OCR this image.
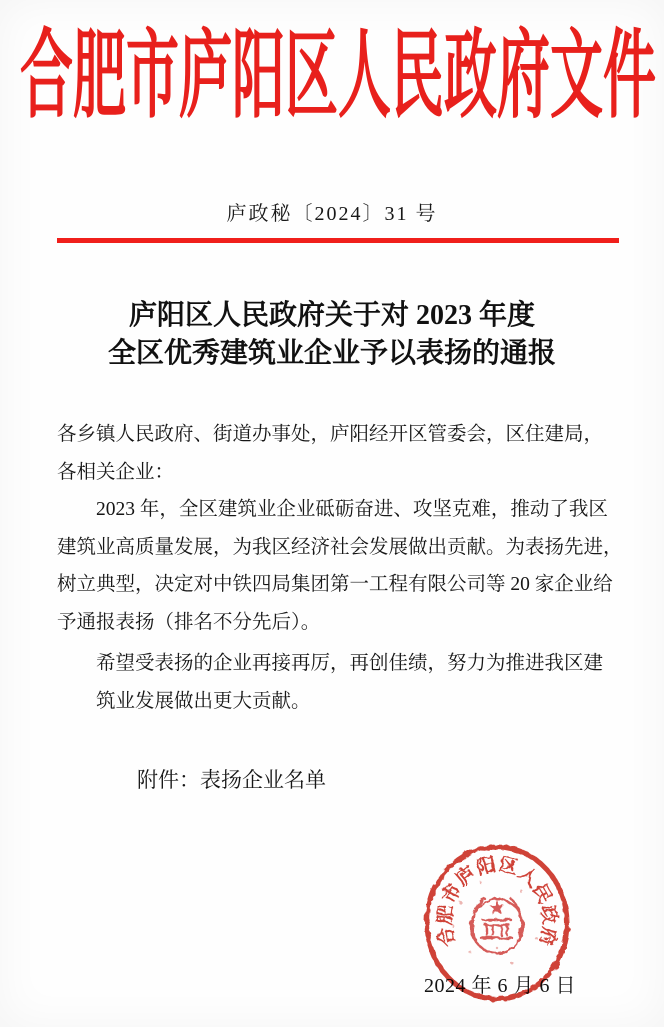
合肥市庐阳区人民政府文件
庐政秘〔2024〕31 号
庐阳区人民政府关于对 2023 年度
全区优秀建筑业企业予以表扬的通报
各乡镇人民政府、街道办事处，庐阳经开区管委会，区住建局，
各相关企业：
2023 年，全区建筑业企业砥砺奋进、攻坚克难，推动了我区
建筑业高质量发展，为我区经济社会发展做出贡献。为表扬先进，
树立典型，决定对中铁四局集团第一工程有限公司等 20 家企业给
予通报表扬（排名不分先后）。
希望受表扬的企业再接再厉，再创佳绩，努力为推进我区建
筑业发展做出更大贡献。
附件：表扬企业名单
2024 年 6 月 6 日
合肥市庐阳区人民政府
